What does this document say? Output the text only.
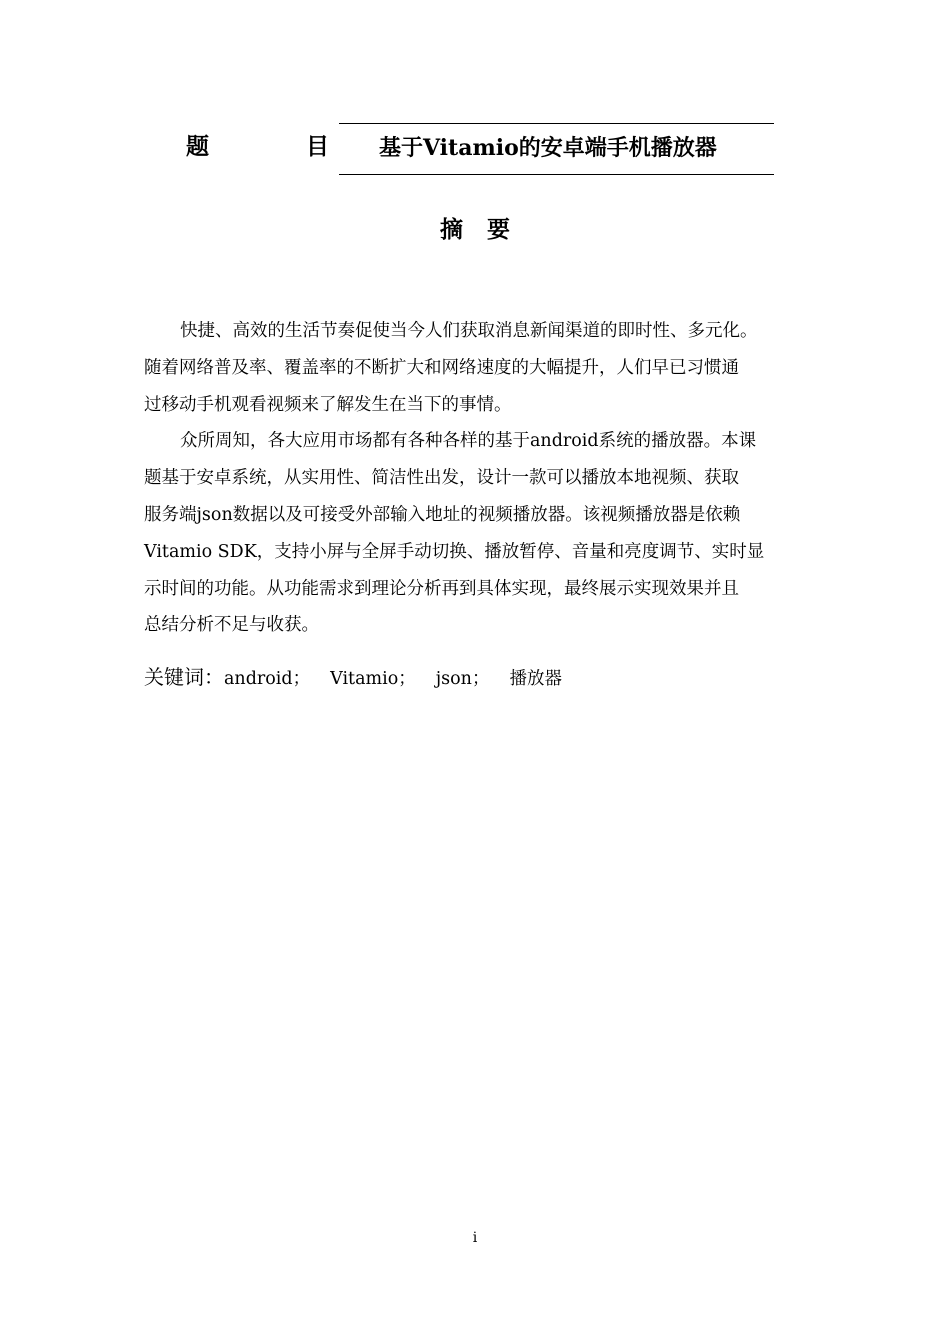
题	目 基于Vitamio的安卓端手机播放器
摘要
快捷、高效的生活节奏促使当今人们获取消息新闻渠道的即时性、多元化。
随着网络普及率、覆盖率的不断扩大和网络速度的大幅提升，人们早已习惯通
过移动手机观看视频来了解发生在当下的事情。
众所周知，各大应用市场都有各种各样的基于android系统的播放器。本课
题基于安卓系统，从实用性、简洁性出发，设计一款可以播放本地视频、获取
服务端json数据以及可接受外部输入地址的视频播放器。该视频播放器是依赖
Vitamio SDK，支持小屏与全屏手动切换、播放暂停、音量和亮度调节、实时显
示时间的功能。从功能需求到理论分析再到具体实现，最终展示实现效果并且
总结分析不足与收获。
关键词：android； Vitamio； json； 播放器
i
